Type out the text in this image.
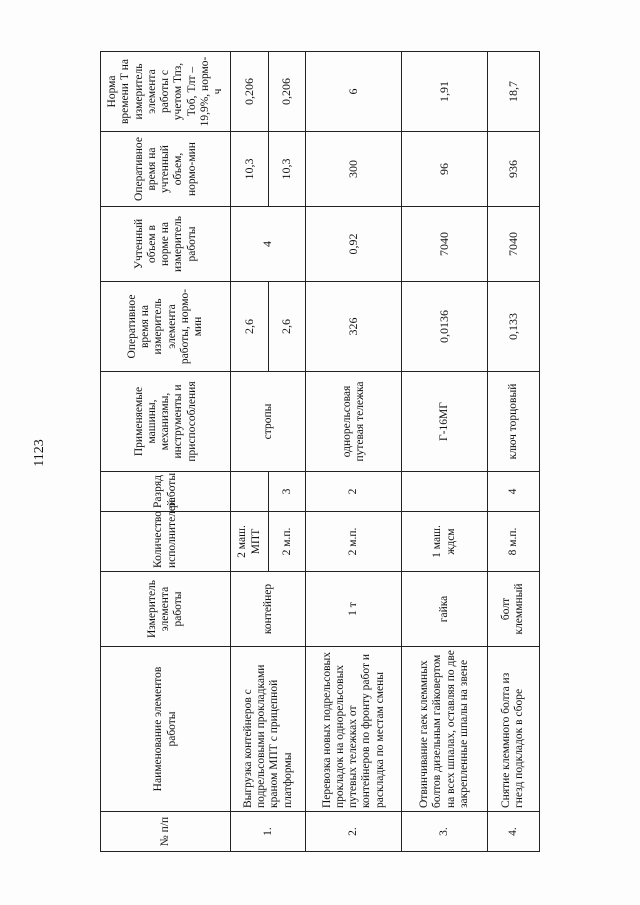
1123
№ п/п	Наименование элементов работы	Измеритель элемента работы	Количество исполнителей	Разряд работы	Применяемые машины, механизмы, инструменты и приспособления	Оперативное время на измеритель элемента работы, нормо-мин	Учтенный объем в норме на измеритель работы	Оперативное время на учтенный объем, нормо-мин	Норма времени Т на измеритель элемента работы с учетом Тпз, Тоб, Тлт – 19,9%, нормо-ч
1.	Выгрузка контейнеров с подрельсовыми прокладками краном МПТ с прицепной платформы	контейнер	2 маш. МПТ		стропы	2,6	4	10,3	0,206
			2 м.п.	3		2,6		10,3	0,206
2.	Перевозка новых подрельсовых прокладок на однорельсовых путевых тележках от контейнеров по фронту работ и раскладка по местам смены	1 т	2 м.п.	2	однорельсовая путевая тележка	326	0,92	300	6
3.	Отвинчивание гаек клеммных болтов дизельным гайковертом на всех шпалах, оставляя по две закрепленные шпалы на звене	гайка	1 маш. ждсм		Г-16МГ	0,0136	7040	96	1,91
4.	Снятие клеммного болта из гнезд подкладок в сборе	болт клеммный	8 м.п.	4	ключ торцовый	0,133	7040	936	18,7
